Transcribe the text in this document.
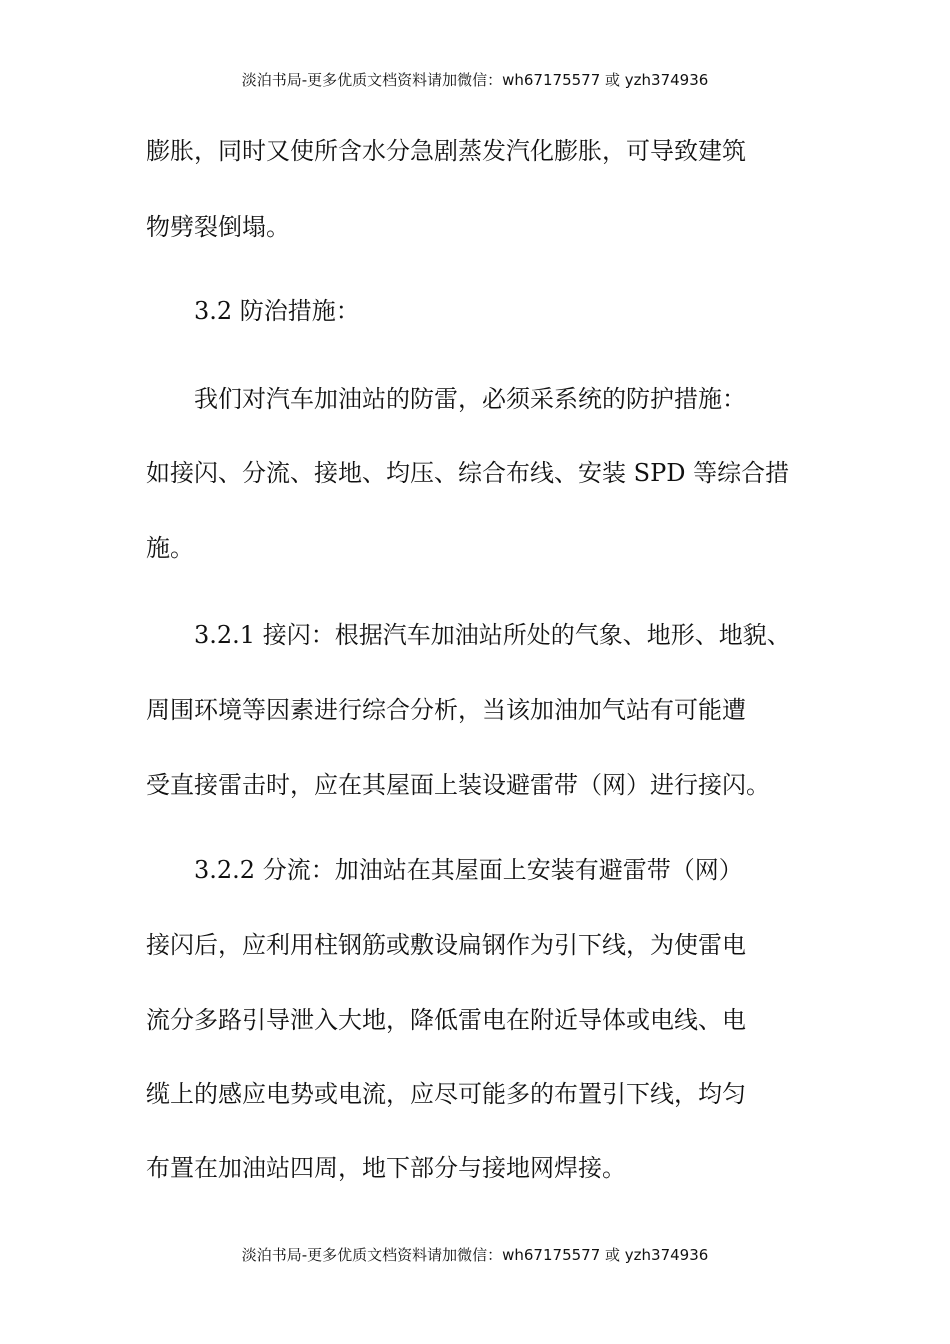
淡泊书局-更多优质文档资料请加微信：wh67175577 或 yzh374936
膨胀，同时又使所含水分急剧蒸发汽化膨胀，可导致建筑
物劈裂倒塌。
3.2 防治措施：
我们对汽车加油站的防雷，必须采系统的防护措施：
如接闪、分流、接地、均压、综合布线、安装 SPD 等综合措
施。
3.2.1 接闪：根据汽车加油站所处的气象、地形、地貌、
周围环境等因素进行综合分析，当该加油加气站有可能遭
受直接雷击时，应在其屋面上装设避雷带（网）进行接闪。
3.2.2 分流：加油站在其屋面上安装有避雷带（网）
接闪后，应利用柱钢筋或敷设扁钢作为引下线，为使雷电
流分多路引导泄入大地，降低雷电在附近导体或电线、电
缆上的感应电势或电流，应尽可能多的布置引下线，均匀
布置在加油站四周，地下部分与接地网焊接。
淡泊书局-更多优质文档资料请加微信：wh67175577 或 yzh374936
